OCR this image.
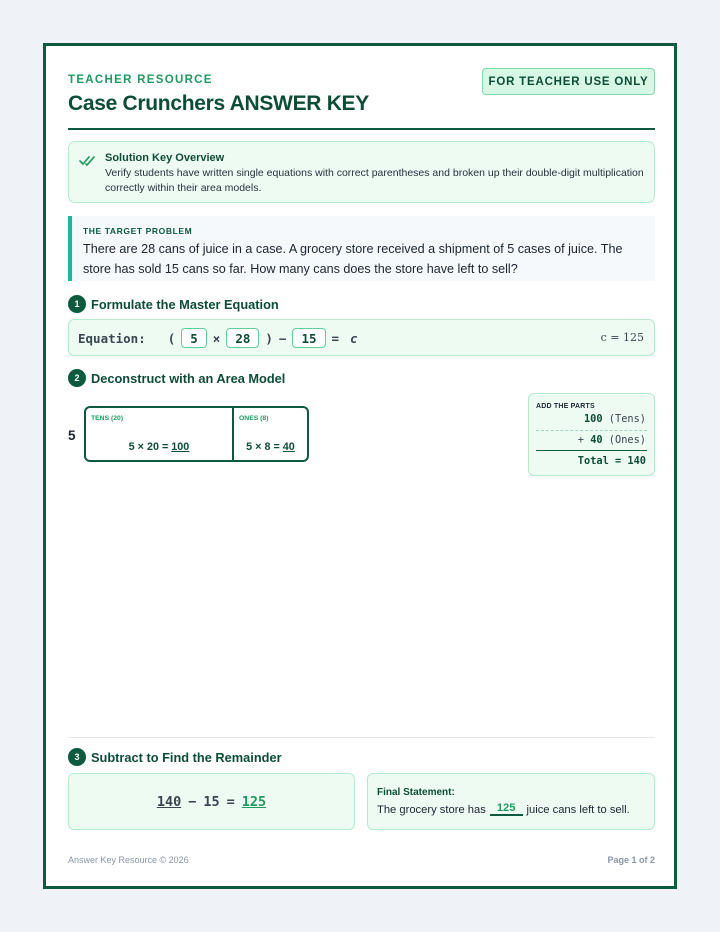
TEACHER RESOURCE
Case Crunchers ANSWER KEY
FOR TEACHER USE ONLY
Solution Key Overview
Verify students have written single equations with correct parentheses and broken up their double-digit multiplication correctly within their area models.
THE TARGET PROBLEM
There are 28 cans of juice in a case. A grocery store received a shipment of 5 cases of juice. The store has sold 15 cans so far. How many cans does the store have left to sell?
1 Formulate the Master Equation
Equation: (	5	×	28	) −	15	= c	c = 125
2 Deconstruct with an Area Model
5
TENS (20)
5 × 20 = 100
ONES (8)
5 × 8 = 40
ADD THE PARTS
100 (Tens)
+ 40 (Ones)
Total = 140
3 Subtract to Find the Remainder
140 − 15 = 125
Final Statement:
The grocery store has 125 juice cans left to sell.
Answer Key Resource © 2026	Page 1 of 2
